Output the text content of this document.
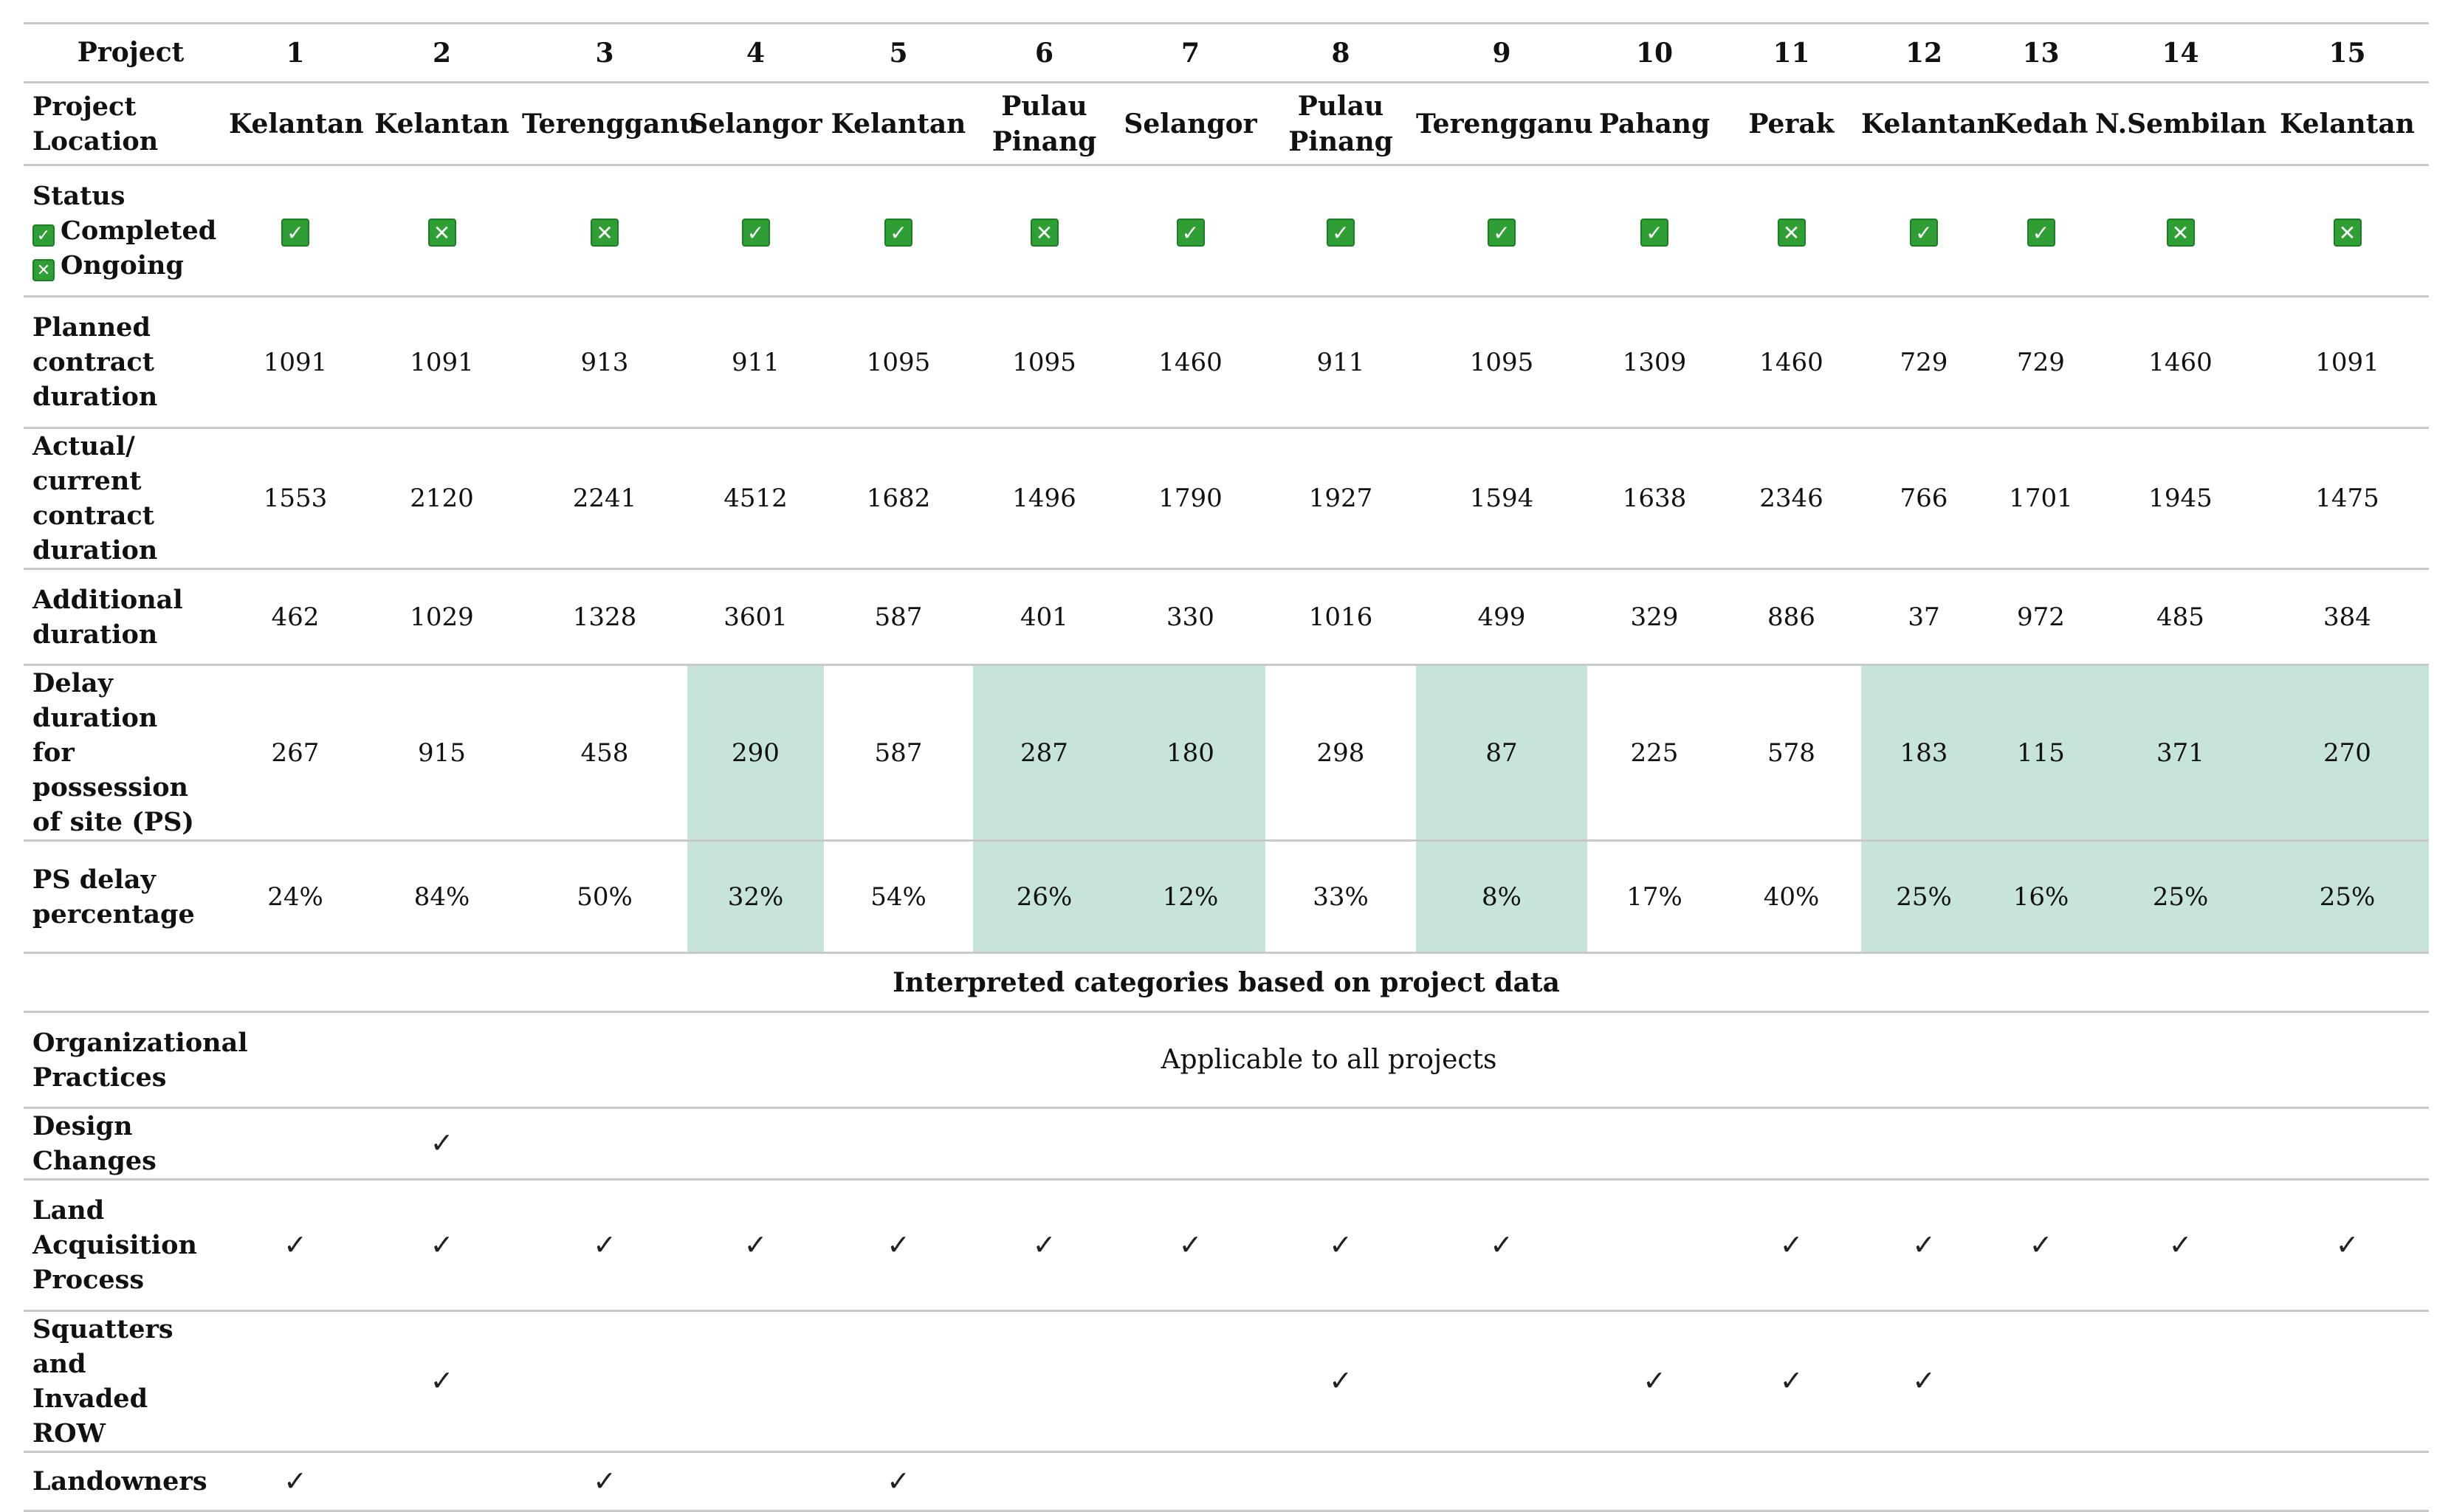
Project	1	2	3	4	5	6	7	8	9	10	11	12	13	14	15
Project Location	Kelantan	Kelantan	Terengganu	Selangor	Kelantan	Pulau Pinang	Selangor	Pulau Pinang	Terengganu	Pahang	Perak	Kelantan	Kedah	N.Sembilan	Kelantan

Status
✓ Completed
✕ Ongoing	✓	✕	✕	✓	✓	✕	✓	✓	✓	✓	✕	✓	✓	✕	✕

Planned
contract
duration	1091	1091	913	911	1095	1095	1460	911	1095	1309	1460	729	729	1460	1091

Actual/ current
contract
duration	1553	2120	2241	4512	1682	1496	1790	1927	1594	1638	2346	766	1701	1945	1475

Additional
duration	462	1029	1328	3601	587	401	330	1016	499	329	886	37	972	485	384

Delay duration
for possession
of site (PS)	267	915	458	290	587	287	180	298	87	225	578	183	115	371	270

PS delay
percentage	24%	84%	50%	32%	54%	26%	12%	33%	8%	17%	40%	25%	16%	25%	25%
Interpreted categories based on project data															

Organizational
Practices	Applicable to all projects														
Design Changes		✓													

Land
Acquisition
Process	✓	✓	✓	✓	✓	✓	✓	✓	✓		✓	✓	✓	✓	✓

Squatters and
Invaded ROW		✓						✓		✓	✓	✓			
Landowners	✓		✓		✓										
